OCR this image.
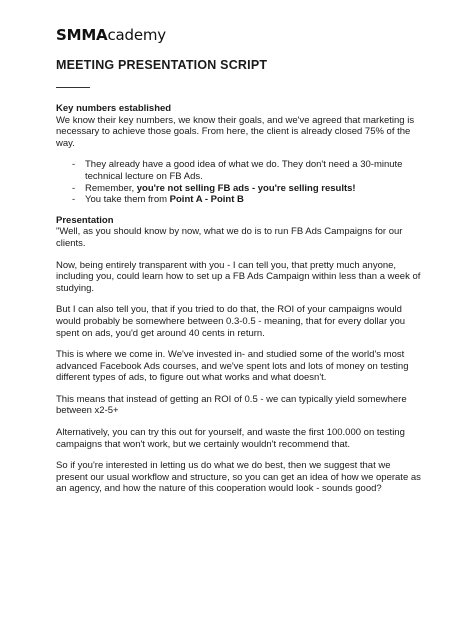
SMMAcademy
MEETING PRESENTATION SCRIPT
Key numbers established

We know their key numbers, we know their goals, and we've agreed that marketing is necessary to achieve those goals. From here, the client is already closed 75% of the way.

- They already have a good idea of what we do. They don't need a 30-minute technical lecture on FB Ads.
- Remember, you're not selling FB ads - you're selling results!
- You take them from Point A - Point B
Presentation

"Well, as you should know by now, what we do is to run FB Ads Campaigns for our clients.

Now, being entirely transparent with you - I can tell you, that pretty much anyone, including you, could learn how to set up a FB Ads Campaign within less than a week of studying.

But I can also tell you, that if you tried to do that, the ROI of your campaigns would would probably be somewhere between 0.3-0.5 - meaning, that for every dollar you spent on ads, you'd get around 40 cents in return.

This is where we come in. We've invested in- and studied some of the world's most advanced Facebook Ads courses, and we've spent lots and lots of money on testing different types of ads, to figure out what works and what doesn't.

This means that instead of getting an ROI of 0.5 - we can typically yield somewhere between x2-5+

Alternatively, you can try this out for yourself, and waste the first 100.000 on testing campaigns that won't work, but we certainly wouldn't recommend that.

So if you're interested in letting us do what we do best, then we suggest that we present our usual workflow and structure, so you can get an idea of how we operate as an agency, and how the nature of this cooperation would look - sounds good?
